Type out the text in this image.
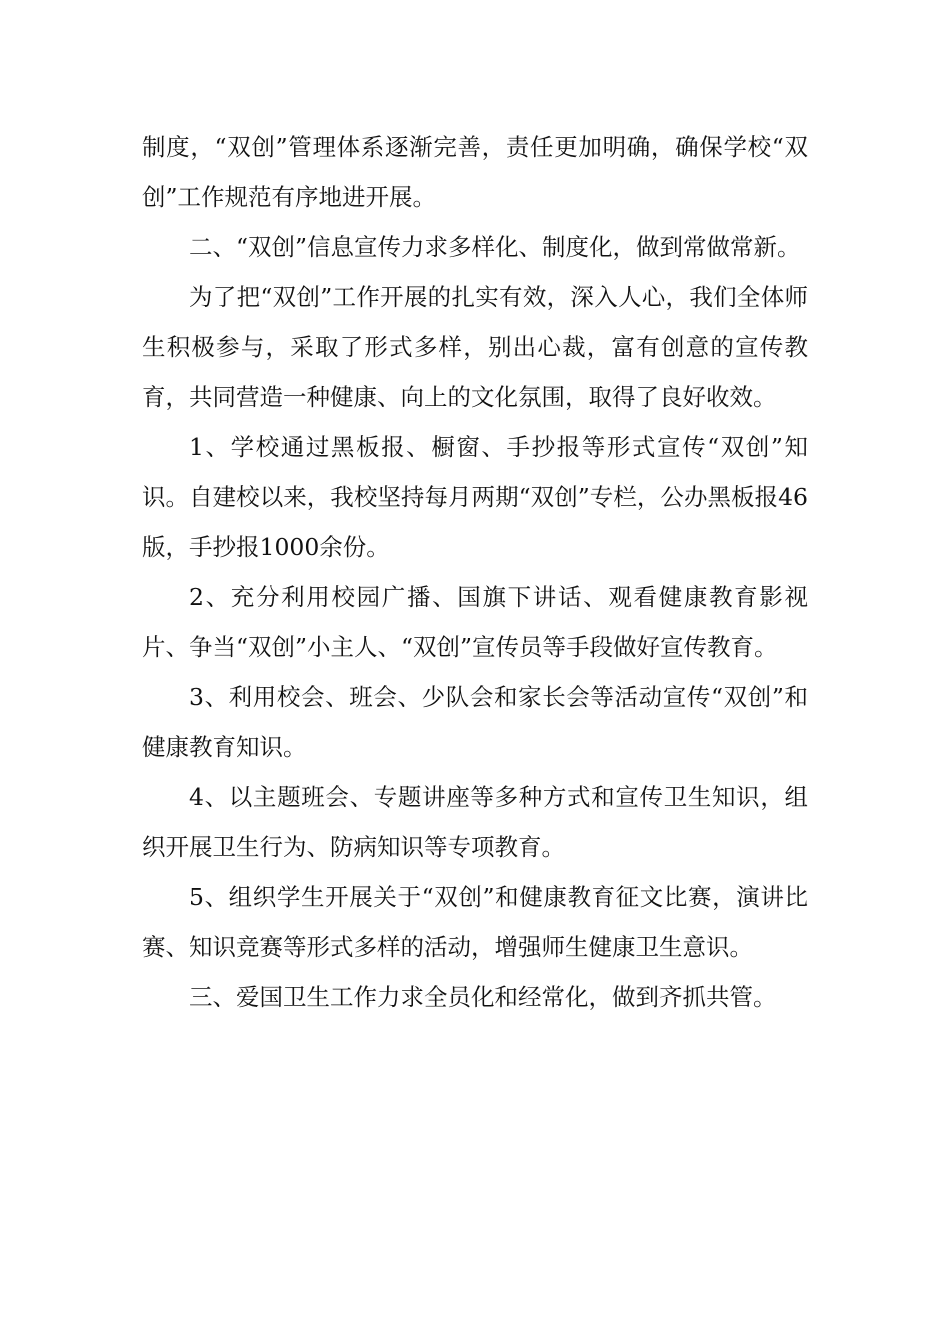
制度，“双创”管理体系逐渐完善，责任更加明确，确保学校“双创”工作规范有序地进开展。

二、“双创”信息宣传力求多样化、制度化，做到常做常新。

为了把“双创”工作开展的扎实有效，深入人心，我们全体师生积极参与，采取了形式多样，别出心裁，富有创意的宣传教育，共同营造一种健康、向上的文化氛围，取得了良好收效。

1、学校通过黑板报、橱窗、手抄报等形式宣传“双创”知识。自建校以来，我校坚持每月两期“双创”专栏，公办黑板报46版，手抄报1000余份。

2、充分利用校园广播、国旗下讲话、观看健康教育影视片、争当“双创”小主人、“双创”宣传员等手段做好宣传教育。

3、利用校会、班会、少队会和家长会等活动宣传“双创”和健康教育知识。

4、以主题班会、专题讲座等多种方式和宣传卫生知识，组织开展卫生行为、防病知识等专项教育。

5、组织学生开展关于“双创”和健康教育征文比赛，演讲比赛、知识竞赛等形式多样的活动，增强师生健康卫生意识。

三、爱国卫生工作力求全员化和经常化，做到齐抓共管。
